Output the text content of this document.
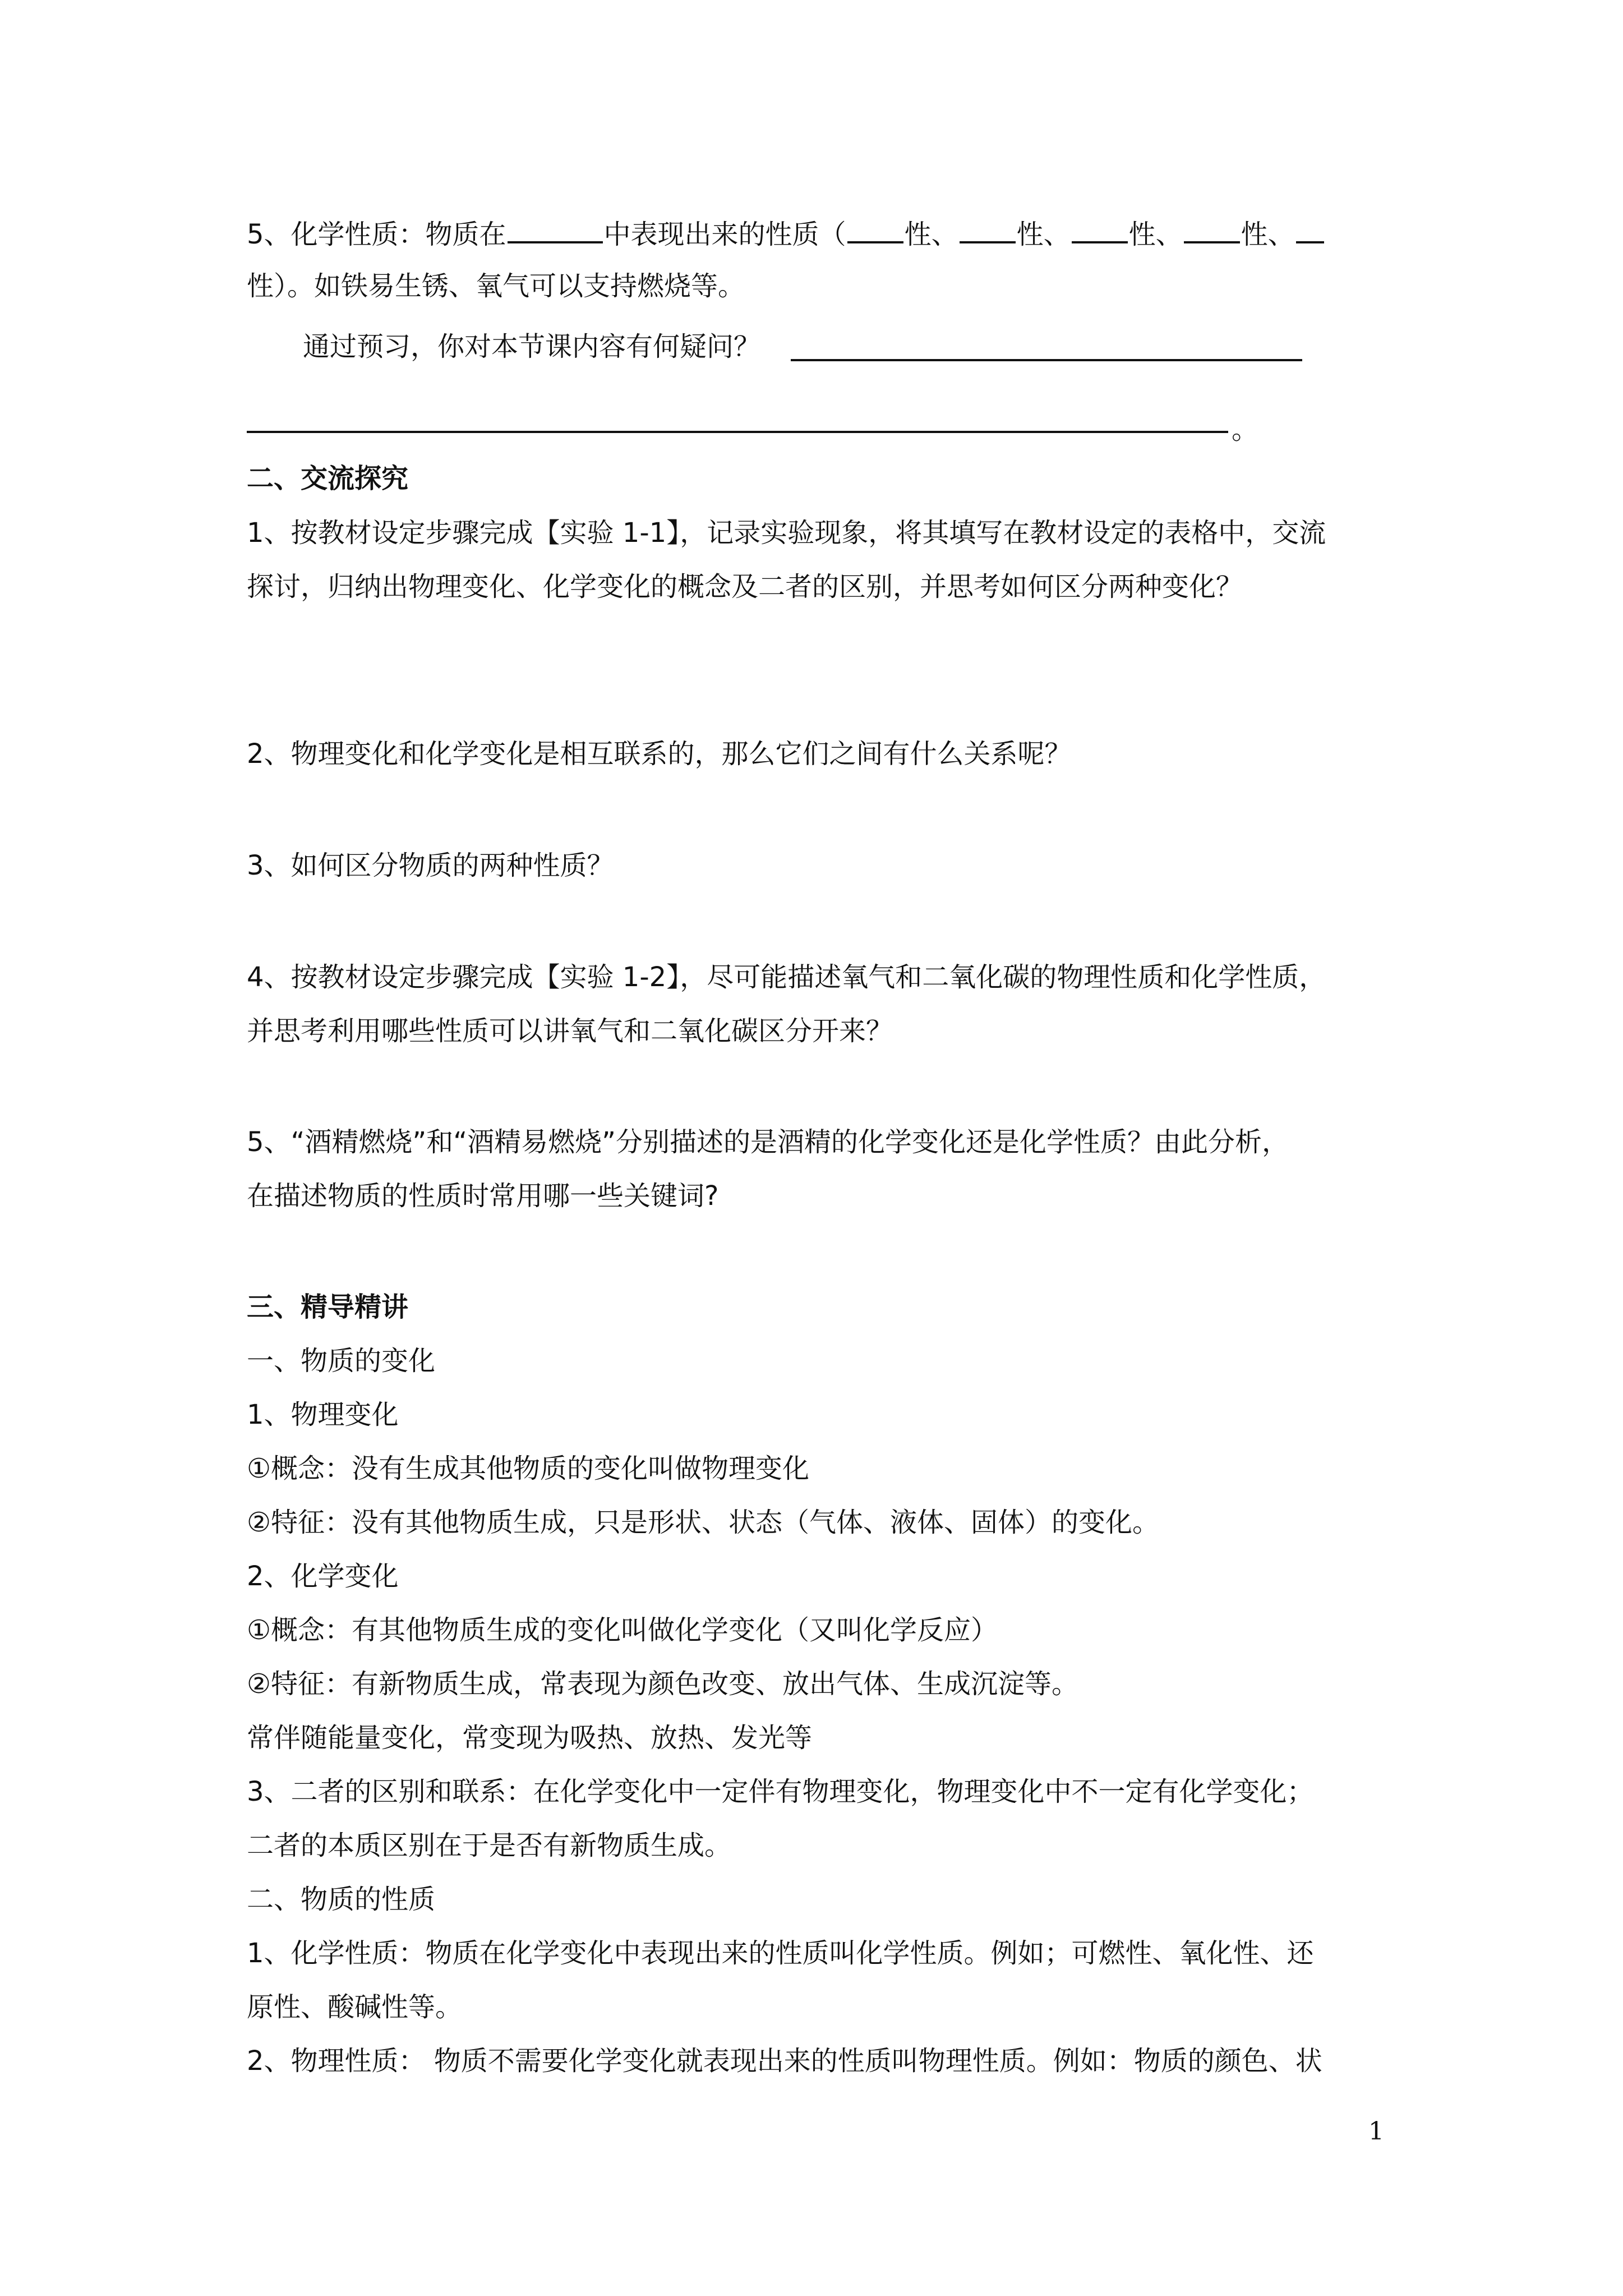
5、化学性质：物质在	中表现出来的性质（ 性、 性、 性、 性、
性）。如铁易生锈、氧气可以支持燃烧等。
通过预习，你对本节课内容有何疑问？
。
二、交流探究
1、按教材设定步骤完成【实验 1-1】，记录实验现象，将其填写在教材设定的表格中，交流
探讨，归纳出物理变化、化学变化的概念及二者的区别，并思考如何区分两种变化？
2、物理变化和化学变化是相互联系的，那么它们之间有什么关系呢？
3、如何区分物质的两种性质？
4、按教材设定步骤完成【实验 1-2】，尽可能描述氧气和二氧化碳的物理性质和化学性质，
并思考利用哪些性质可以讲氧气和二氧化碳区分开来？
5、“酒精燃烧”和“酒精易燃烧”分别描述的是酒精的化学变化还是化学性质？由此分析，
在描述物质的性质时常用哪一些关键词?
三、精导精讲
一、物质的变化
1、物理变化
①概念：没有生成其他物质的变化叫做物理变化
②特征：没有其他物质生成，只是形状、状态（气体、液体、固体）的变化。
2、化学变化
①概念：有其他物质生成的变化叫做化学变化（又叫化学反应）
②特征：有新物质生成，常表现为颜色改变、放出气体、生成沉淀等。
常伴随能量变化，常变现为吸热、放热、发光等
3、二者的区别和联系：在化学变化中一定伴有物理变化，物理变化中不一定有化学变化；
二者的本质区别在于是否有新物质生成。
二、物质的性质
1、化学性质：物质在化学变化中表现出来的性质叫化学性质。例如；可燃性、氧化性、还
原性、酸碱性等。
2、物理性质： 物质不需要化学变化就表现出来的性质叫物理性质。例如：物质的颜色、状
1
